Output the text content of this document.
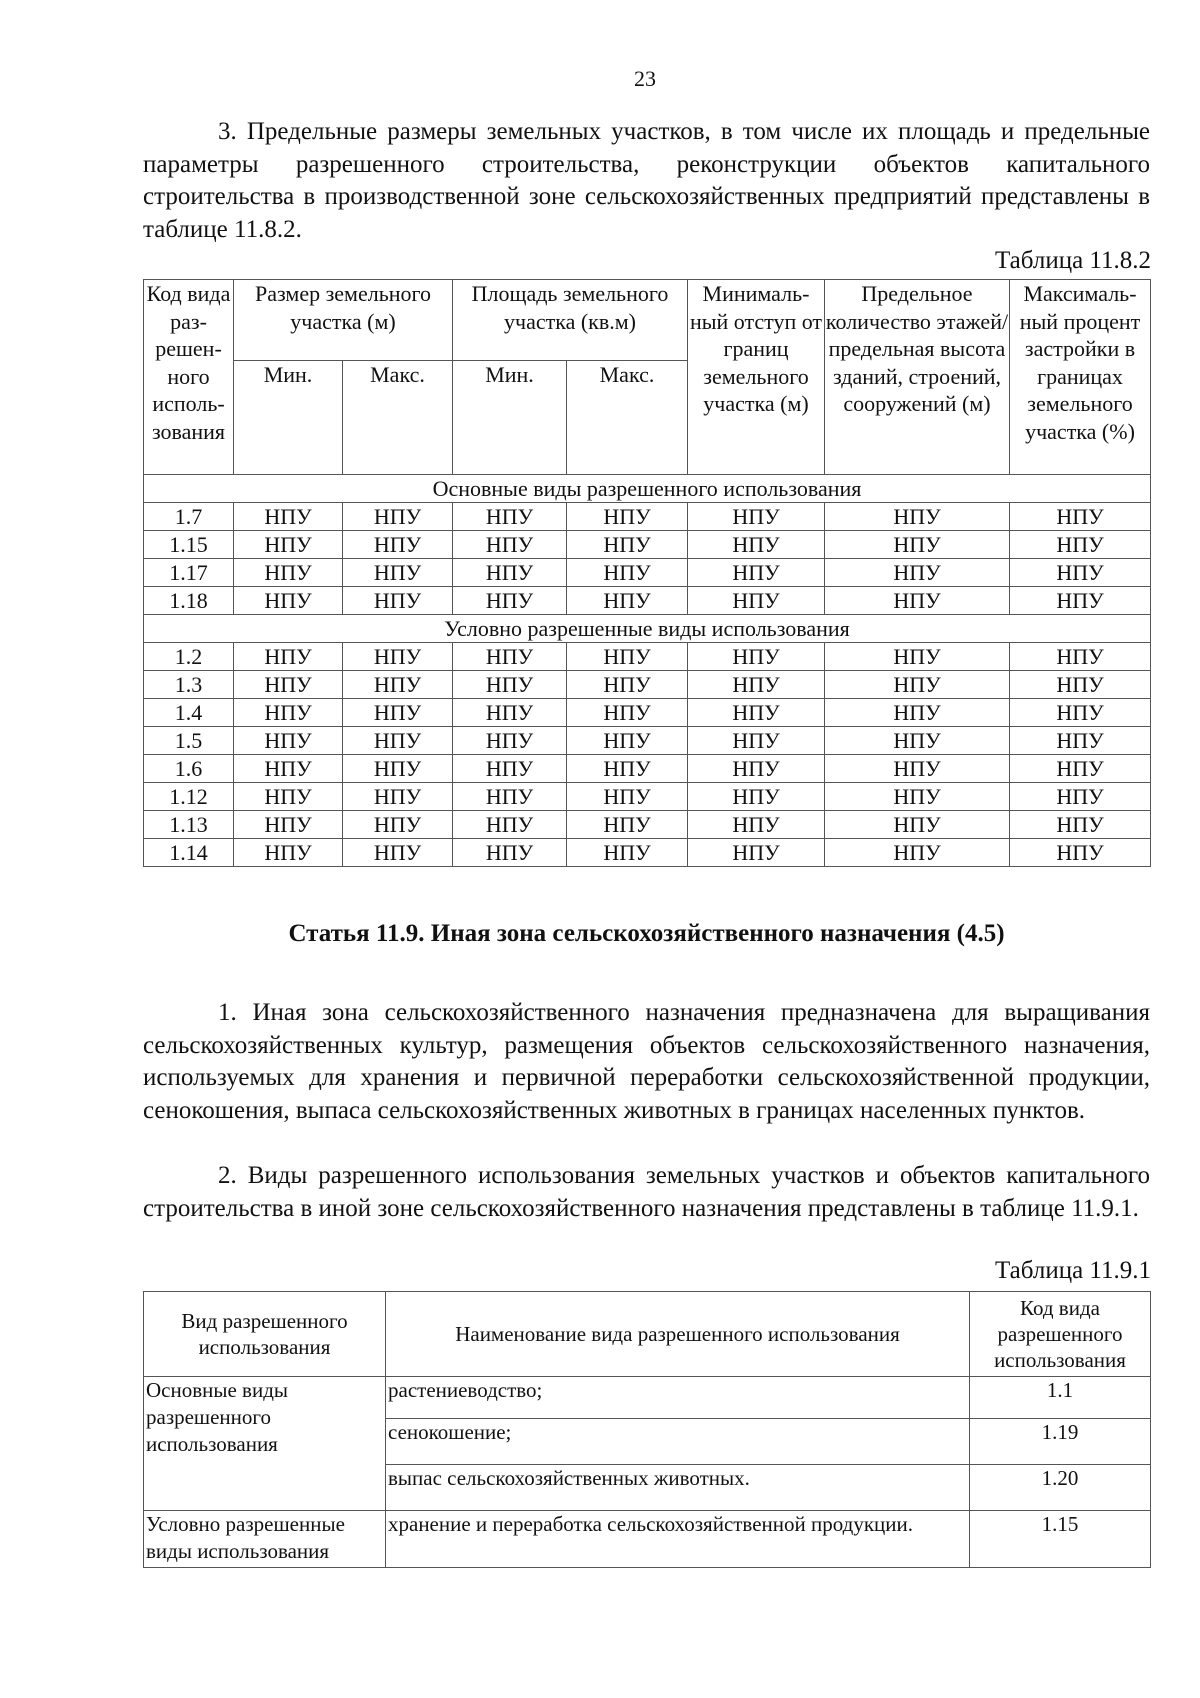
23

3. Предельные размеры земельных участков, в том числе их площадь и предельные параметры разрешенного строительства, реконструкции объектов капитального строительства в производственной зоне сельскохозяйственных предприятий представлены в таблице 11.8.2.

Таблица 11.8.2
Код вида раз-решен-ного исполь-зования	Размер земельного участка (м)		Площадь земельного участка (кв.м)		Минималь-ный отступ от границ земельного участка (м)	Предельное количество этажей/ предельная высота зданий, строений, сооружений (м)	Максималь-ный процент застройки в границах земельного участка (%)
	Мин.	Макс.	Мин.	Макс.			
Основные виды разрешенного использования							
1.7	НПУ	НПУ	НПУ	НПУ	НПУ	НПУ	НПУ
1.15	НПУ	НПУ	НПУ	НПУ	НПУ	НПУ	НПУ
1.17	НПУ	НПУ	НПУ	НПУ	НПУ	НПУ	НПУ
1.18	НПУ	НПУ	НПУ	НПУ	НПУ	НПУ	НПУ
Условно разрешенные виды использования							
1.2	НПУ	НПУ	НПУ	НПУ	НПУ	НПУ	НПУ
1.3	НПУ	НПУ	НПУ	НПУ	НПУ	НПУ	НПУ
1.4	НПУ	НПУ	НПУ	НПУ	НПУ	НПУ	НПУ
1.5	НПУ	НПУ	НПУ	НПУ	НПУ	НПУ	НПУ
1.6	НПУ	НПУ	НПУ	НПУ	НПУ	НПУ	НПУ
1.12	НПУ	НПУ	НПУ	НПУ	НПУ	НПУ	НПУ
1.13	НПУ	НПУ	НПУ	НПУ	НПУ	НПУ	НПУ
1.14	НПУ	НПУ	НПУ	НПУ	НПУ	НПУ	НПУ
Статья 11.9. Иная зона сельскохозяйственного назначения (4.5)

1. Иная зона сельскохозяйственного назначения предназначена для выращивания сельскохозяйственных культур, размещения объектов сельскохозяйственного назначения, используемых для хранения и первичной переработки сельскохозяйственной продукции, сенокошения, выпаса сельскохозяйственных животных в границах населенных пунктов.

2. Виды разрешенного использования земельных участков и объектов капитального строительства в иной зоне сельскохозяйственного назначения представлены в таблице 11.9.1.

Таблица 11.9.1
Вид разрешенного использования	Наименование вида разрешенного использования	Код вида разрешенного использования
Основные виды разрешенного использования	растениеводство;	1.1
	сенокошение;	1.19
	выпас сельскохозяйственных животных.	1.20
Условно разрешенные виды использования	хранение и переработка сельскохозяйственной продукции.	1.15
